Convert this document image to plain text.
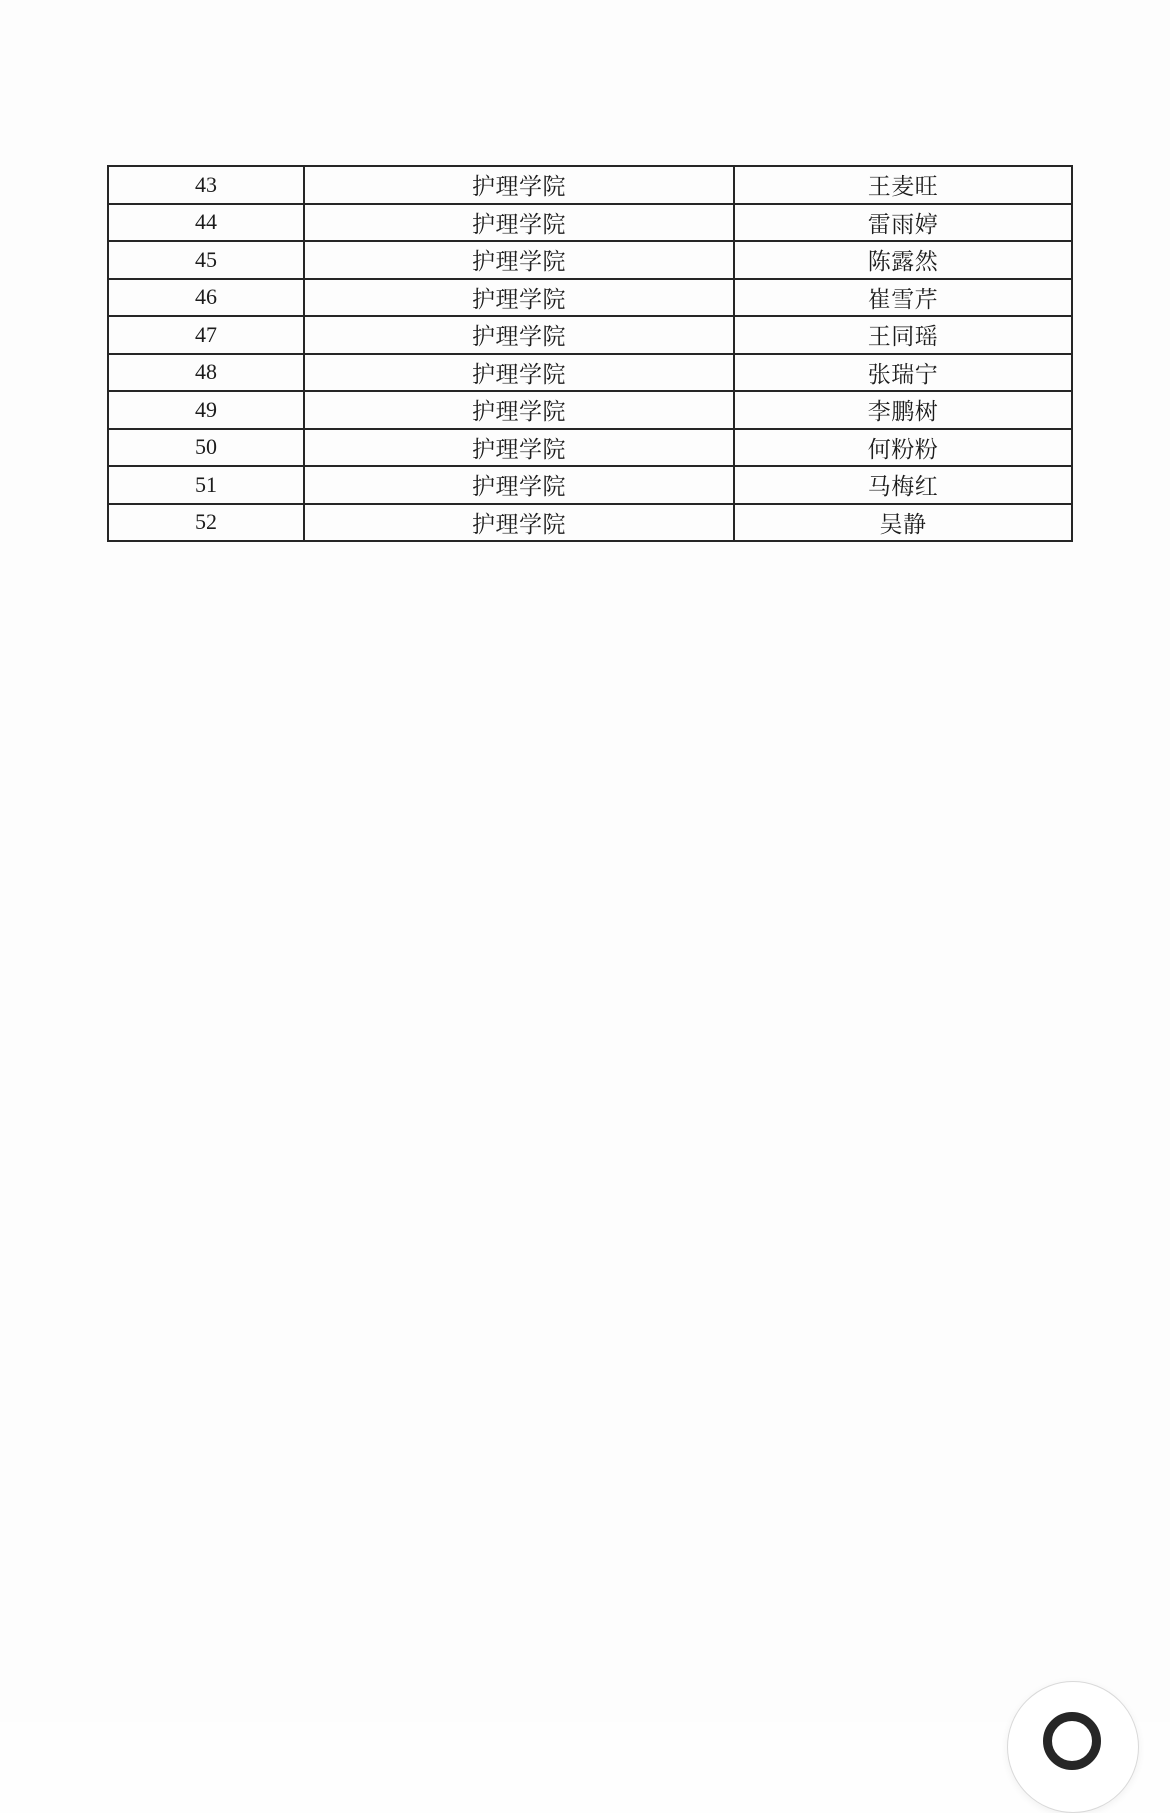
43	护理学院	王麦旺
44	护理学院	雷雨婷
45	护理学院	陈露然
46	护理学院	崔雪芹
47	护理学院	王同瑶
48	护理学院	张瑞宁
49	护理学院	李鹏树
50	护理学院	何粉粉
51	护理学院	马梅红
52	护理学院	吴静
